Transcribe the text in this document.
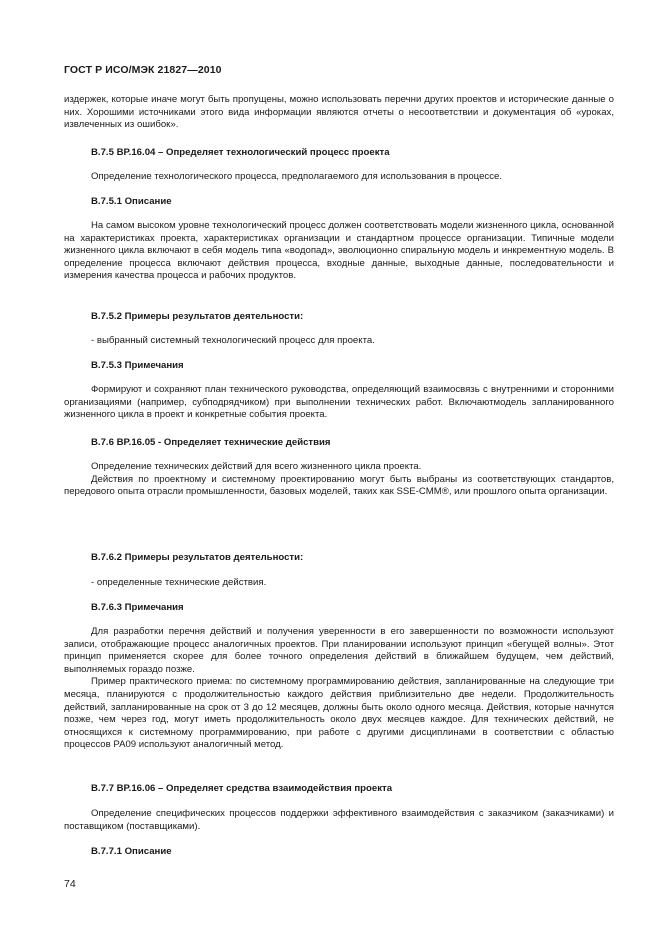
ГОСТ Р ИСО/МЭК 21827—2010

издержек, которые иначе могут быть пропущены, можно использовать перечни других проектов и исторические данные о них. Хорошими источниками этого вида информации являются отчеты о несоответствии и документация об «уроках, извлеченных из ошибок».

В.7.5 BP.16.04 – Определяет технологический процесс проекта

Определение технологического процесса, предполагаемого для использования в процессе.

В.7.5.1 Описание

На самом высоком уровне технологический процесс должен соответствовать модели жизненного цикла, основанной на характеристиках проекта, характеристиках организации и стандартном процессе организации. Типичные модели жизненного цикла включают в себя модель типа «водопад», эволюционно спиральную модель и инкрементную модель. В определение процесса включают действия процесса, входные данные, выходные данные, последовательности и измерения качества процесса и рабочих продуктов.

В.7.5.2 Примеры результатов деятельности:

- выбранный системный технологический процесс для проекта.

В.7.5.3 Примечания

Формируют и сохраняют план технического руководства, определяющий взаимосвязь с внутренними и сторонними организациями (например, субподрядчиком) при выполнении технических работ. Включаютмодель запланированного жизненного цикла в проект и конкретные события проекта.

В.7.6 BP.16.05 - Определяет технические действия

Определение технических действий для всего жизненного цикла проекта.

Действия по проектному и системному проектированию могут быть выбраны из соответствующих стандартов, передового опыта отрасли промышленности, базовых моделей, таких как SSE-CMM®, или прошлого опыта организации.

В.7.6.2 Примеры результатов деятельности:

- определенные технические действия.

В.7.6.3 Примечания

Для разработки перечня действий и получения уверенности в его завершенности по возможности используют записи, отображающие процесс аналогичных проектов. При планировании используют принцип «бегущей волны». Этот принцип применяется скорее для более точного определения действий в ближайшем будущем, чем действий, выполняемых гораздо позже.

Пример практического приема: по системному программированию действия, запланированные на следующие три месяца, планируются с продолжительностью каждого действия приблизительно две недели. Продолжительность действий, запланированные на срок от 3 до 12 месяцев, должны быть около одного месяца. Действия, которые начнутся позже, чем через год, могут иметь продолжительность около двух месяцев каждое. Для технических действий, не относящихся к системному программированию, при работе с другими дисциплинами в соответствии с областью процессов PA09 используют аналогичный метод.

В.7.7 BP.16.06 – Определяет средства взаимодействия проекта

Определение специфических процессов поддержки эффективного взаимодействия с заказчиком (заказчиками) и поставщиком (поставщиками).

В.7.7.1 Описание
74
